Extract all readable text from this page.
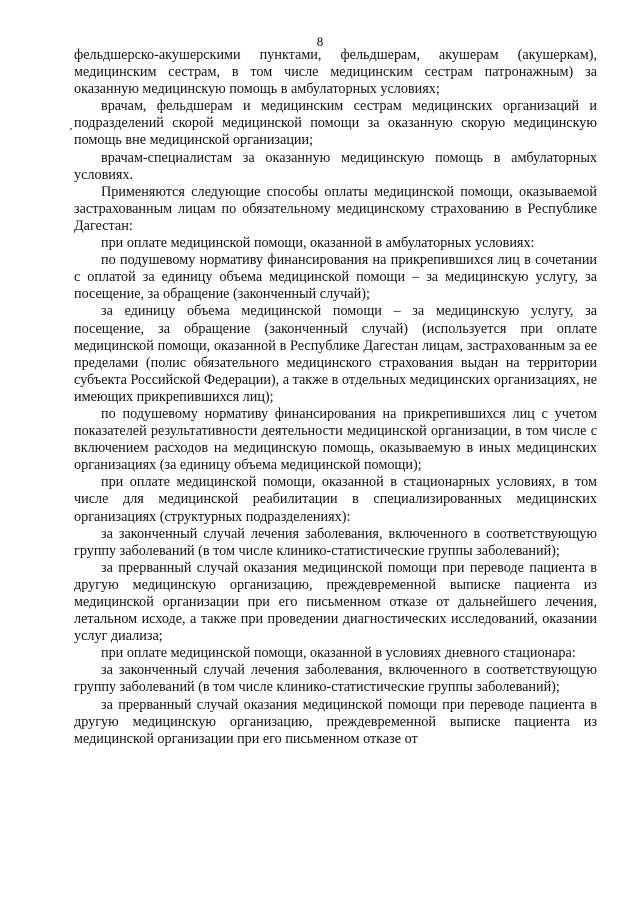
8

фельдшерско-акушерскими пунктами, фельдшерам, акушерам (акушеркам), медицинским сестрам, в том числе медицинским сестрам патронажным) за оказанную медицинскую помощь в амбулаторных условиях;

врачам, фельдшерам и медицинским сестрам медицинских организаций и подразделений скорой медицинской помощи за оказанную скорую медицинскую помощь вне медицинской организации;

врачам-специалистам за оказанную медицинскую помощь в амбулаторных условиях.

Применяются следующие способы оплаты медицинской помощи, оказываемой застрахованным лицам по обязательному медицинскому страхованию в Республике Дагестан:

при оплате медицинской помощи, оказанной в амбулаторных условиях:

по подушевому нормативу финансирования на прикрепившихся лиц в сочетании с оплатой за единицу объема медицинской помощи – за медицинскую услугу, за посещение, за обращение (законченный случай);

за единицу объема медицинской помощи – за медицинскую услугу, за посещение, за обращение (законченный случай) (используется при оплате медицинской помощи, оказанной в Республике Дагестан лицам, застрахованным за ее пределами (полис обязательного медицинского страхования выдан на территории субъекта Российской Федерации), а также в отдельных медицинских организациях, не имеющих прикрепившихся лиц);

по подушевому нормативу финансирования на прикрепившихся лиц с учетом показателей результативности деятельности медицинской организации, в том числе с включением расходов на медицинскую помощь, оказываемую в иных медицинских организациях (за единицу объема медицинской помощи);

при оплате медицинской помощи, оказанной в стационарных условиях, в том числе для медицинской реабилитации в специализированных медицинских организациях (структурных подразделениях):

за законченный случай лечения заболевания, включенного в соответствующую группу заболеваний (в том числе клинико-статистические группы заболеваний);

за прерванный случай оказания медицинской помощи при переводе пациента в другую медицинскую организацию, преждевременной выписке пациента из медицинской организации при его письменном отказе от дальнейшего лечения, летальном исходе, а также при проведении диагностических исследований, оказании услуг диализа;

при оплате медицинской помощи, оказанной в условиях дневного стационара:

за законченный случай лечения заболевания, включенного в соответствующую группу заболеваний (в том числе клинико-статистические группы заболеваний);

за прерванный случай оказания медицинской помощи при переводе пациента в другую медицинскую организацию, преждевременной выписке пациента из медицинской организации при его письменном отказе от
